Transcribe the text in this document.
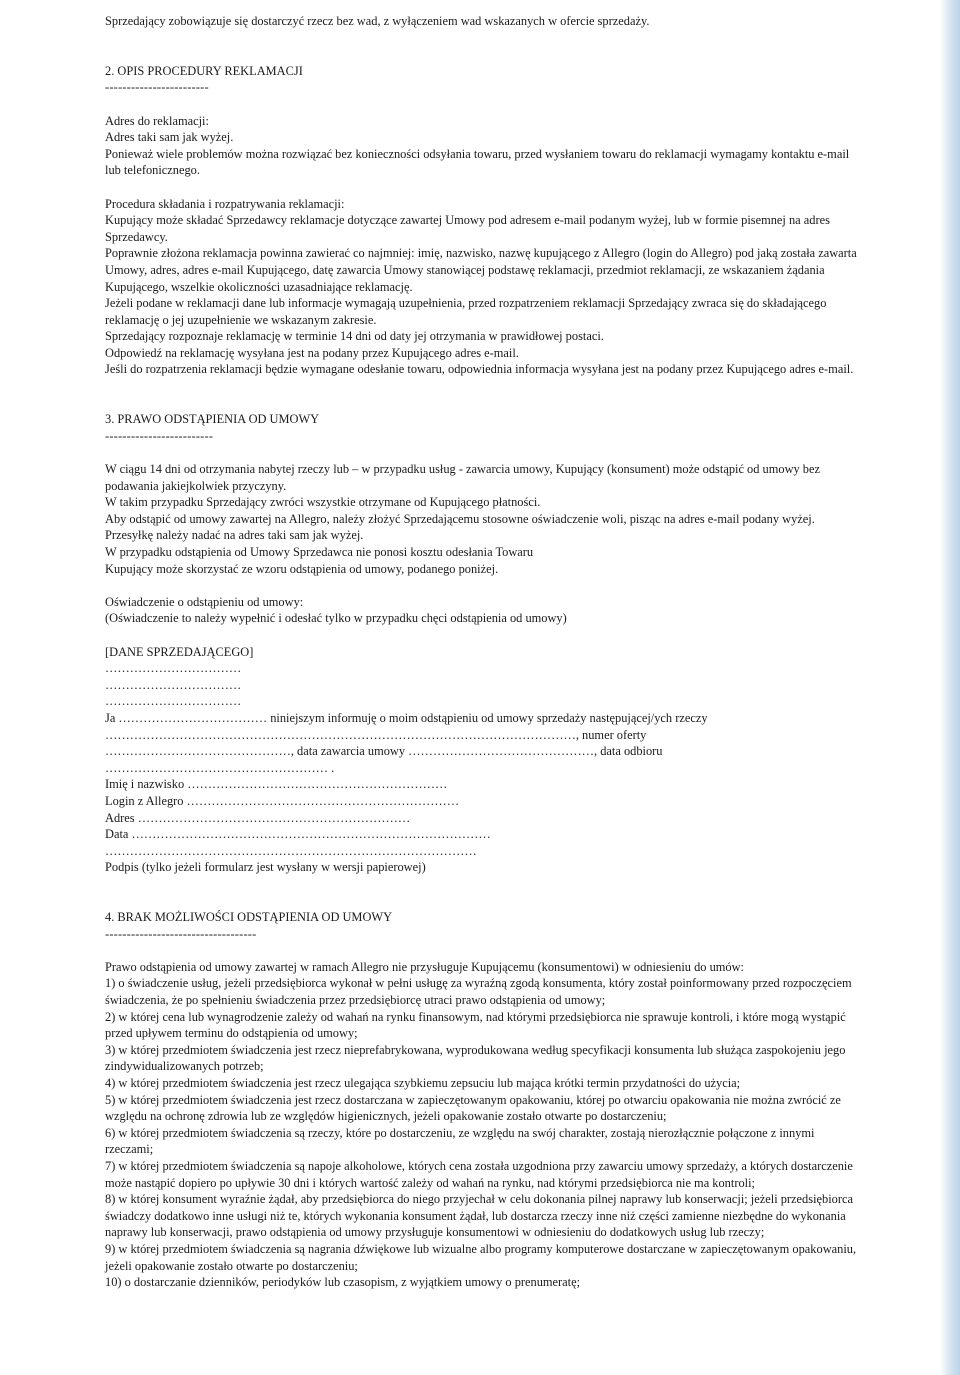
Sprzedający zobowiązuje się dostarczyć rzecz bez wad, z wyłączeniem wad wskazanych w ofercie sprzedaży.

2. OPIS PROCEDURY REKLAMACJI

------------------------

Adres do reklamacji:

Adres taki sam jak wyżej.

Ponieważ wiele problemów można rozwiązać bez konieczności odsyłania towaru, przed wysłaniem towaru do reklamacji wymagamy kontaktu e-mail lub telefonicznego.

Procedura składania i rozpatrywania reklamacji:

Kupujący może składać Sprzedawcy reklamacje dotyczące zawartej Umowy pod adresem e-mail podanym wyżej, lub w formie pisemnej na adres Sprzedawcy.

Poprawnie złożona reklamacja powinna zawierać co najmniej: imię, nazwisko, nazwę kupującego z Allegro (login do Allegro) pod jaką została zawarta Umowy, adres, adres e-mail Kupującego, datę zawarcia Umowy stanowiącej podstawę reklamacji, przedmiot reklamacji, ze wskazaniem żądania Kupującego, wszelkie okoliczności uzasadniające reklamację.

Jeżeli podane w reklamacji dane lub informacje wymagają uzupełnienia, przed rozpatrzeniem reklamacji Sprzedający zwraca się do składającego reklamację o jej uzupełnienie we wskazanym zakresie.

Sprzedający rozpoznaje reklamację w terminie 14 dni od daty jej otrzymania w prawidłowej postaci.

Odpowiedź na reklamację wysyłana jest na podany przez Kupującego adres e-mail.

Jeśli do rozpatrzenia reklamacji będzie wymagane odesłanie towaru, odpowiednia informacja wysyłana jest na podany przez Kupującego adres e-mail.

3. PRAWO ODSTĄPIENIA OD UMOWY

-------------------------

W ciągu 14 dni od otrzymania nabytej rzeczy lub – w przypadku usług - zawarcia umowy, Kupujący (konsument) może odstąpić od umowy bez podawania jakiejkolwiek przyczyny.

W takim przypadku Sprzedający zwróci wszystkie otrzymane od Kupującego płatności.

Aby odstąpić od umowy zawartej na Allegro, należy złożyć Sprzedającemu stosowne oświadczenie woli, pisząc na adres e-mail podany wyżej.

Przesyłkę należy nadać na adres taki sam jak wyżej.

W przypadku odstąpienia od Umowy Sprzedawca nie ponosi kosztu odesłania Towaru

Kupujący może skorzystać ze wzoru odstąpienia od umowy, podanego poniżej.

Oświadczenie o odstąpieniu od umowy:

(Oświadczenie to należy wypełnić i odesłać tylko w przypadku chęci odstąpienia od umowy)

[DANE SPRZEDAJĄCEGO]

……………………………

……………………………

……………………………

Ja ……………………………… niniejszym informuję o moim odstąpieniu od umowy sprzedaży następującej/ych rzeczy

……………………………………………………………………………………………………, numer oferty

………………………………………, data zawarcia umowy ………………………………………, data odbioru

……………………………………………… .

Imię i nazwisko ………………………………………………………

Login z Allegro …………………………………………………………

Adres …………………………………………………………

Data ……………………………………………………………………………

………………………………………………………………………………

Podpis (tylko jeżeli formularz jest wysłany w wersji papierowej)

4. BRAK MOŻLIWOŚCI ODSTĄPIENIA OD UMOWY

-----------------------------------

Prawo odstąpienia od umowy zawartej w ramach Allegro nie przysługuje Kupującemu (konsumentowi) w odniesieniu do umów:

1) o świadczenie usług, jeżeli przedsiębiorca wykonał w pełni usługę za wyraźną zgodą konsumenta, który został poinformowany przed rozpoczęciem świadczenia, że po spełnieniu świadczenia przez przedsiębiorcę utraci prawo odstąpienia od umowy;

2) w której cena lub wynagrodzenie zależy od wahań na rynku finansowym, nad którymi przedsiębiorca nie sprawuje kontroli, i które mogą wystąpić przed upływem terminu do odstąpienia od umowy;

3) w której przedmiotem świadczenia jest rzecz nieprefabrykowana, wyprodukowana według specyfikacji konsumenta lub służąca zaspokojeniu jego zindywidualizowanych potrzeb;

4) w której przedmiotem świadczenia jest rzecz ulegająca szybkiemu zepsuciu lub mająca krótki termin przydatności do użycia;

5) w której przedmiotem świadczenia jest rzecz dostarczana w zapieczętowanym opakowaniu, której po otwarciu opakowania nie można zwrócić ze względu na ochronę zdrowia lub ze względów higienicznych, jeżeli opakowanie zostało otwarte po dostarczeniu;

6) w której przedmiotem świadczenia są rzeczy, które po dostarczeniu, ze względu na swój charakter, zostają nierozłącznie połączone z innymi rzeczami;

7) w której przedmiotem świadczenia są napoje alkoholowe, których cena została uzgodniona przy zawarciu umowy sprzedaży, a których dostarczenie może nastąpić dopiero po upływie 30 dni i których wartość zależy od wahań na rynku, nad którymi przedsiębiorca nie ma kontroli;

8) w której konsument wyraźnie żądał, aby przedsiębiorca do niego przyjechał w celu dokonania pilnej naprawy lub konserwacji; jeżeli przedsiębiorca świadczy dodatkowo inne usługi niż te, których wykonania konsument żądał, lub dostarcza rzeczy inne niż części zamienne niezbędne do wykonania naprawy lub konserwacji, prawo odstąpienia od umowy przysługuje konsumentowi w odniesieniu do dodatkowych usług lub rzeczy;

9) w której przedmiotem świadczenia są nagrania dźwiękowe lub wizualne albo programy komputerowe dostarczane w zapieczętowanym opakowaniu, jeżeli opakowanie zostało otwarte po dostarczeniu;

10) o dostarczanie dzienników, periodyków lub czasopism, z wyjątkiem umowy o prenumeratę;
